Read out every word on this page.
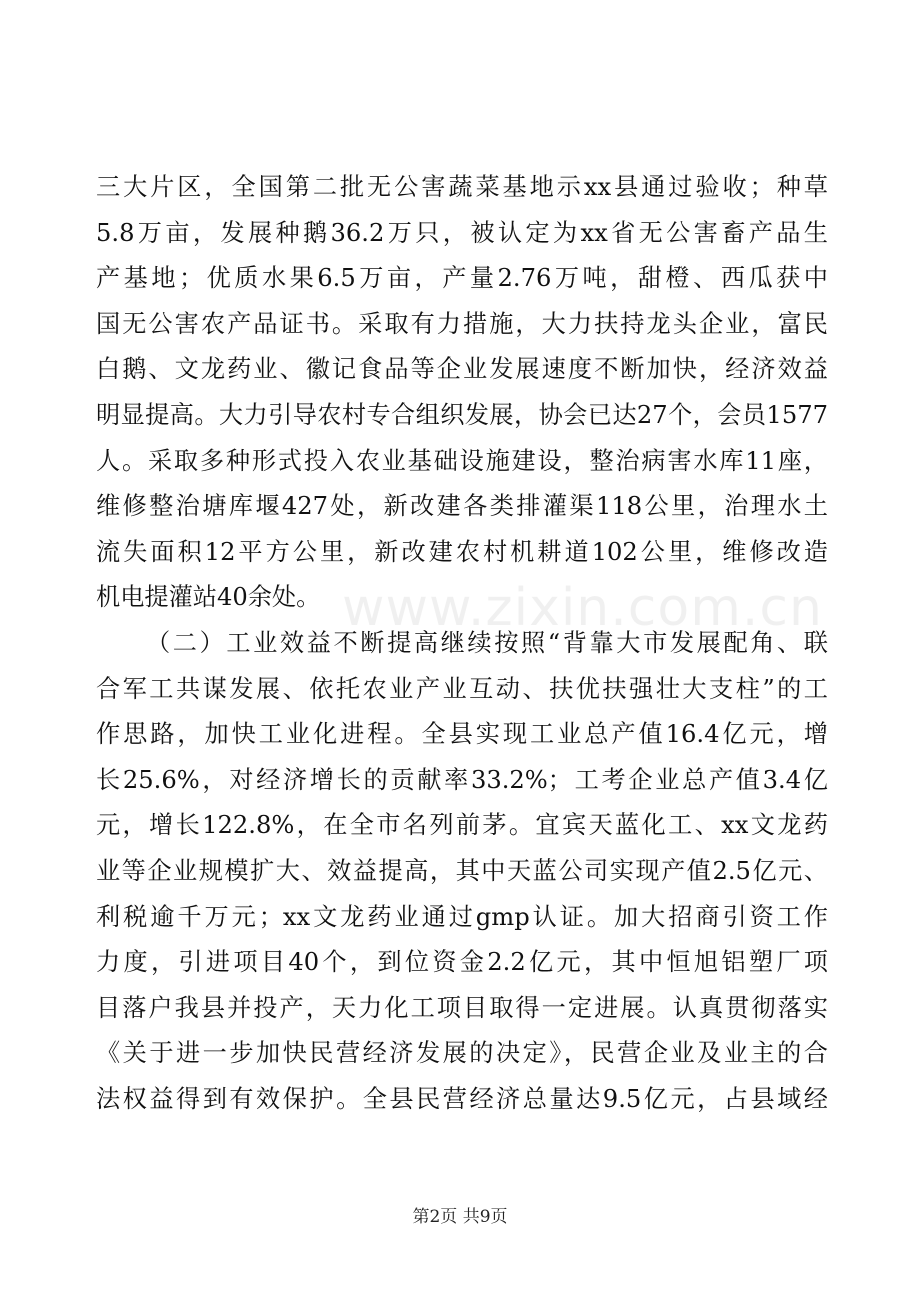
三大片区，全国第二批无公害蔬菜基地示xx县通过验收；种草
5.8万亩，发展种鹅36.2万只，被认定为xx省无公害畜产品生
产基地；优质水果6.5万亩，产量2.76万吨，甜橙、西瓜获中
国无公害农产品证书。采取有力措施，大力扶持龙头企业，富民
白鹅、文龙药业、徽记食品等企业发展速度不断加快，经济效益
明显提高。大力引导农村专合组织发展，协会已达27个，会员1577
人。采取多种形式投入农业基础设施建设，整治病害水库11座，
维修整治塘库堰427处，新改建各类排灌渠118公里，治理水土
流失面积12平方公里，新改建农村机耕道102公里，维修改造
机电提灌站40余处。
（二）工业效益不断提高继续按照“背靠大市发展配角、联
合军工共谋发展、依托农业产业互动、扶优扶强壮大支柱”的工
作思路，加快工业化进程。全县实现工业总产值16.4亿元，增
长25.6%，对经济增长的贡献率33.2%；工考企业总产值3.4亿
元，增长122.8%，在全市名列前茅。宜宾天蓝化工、xx文龙药
业等企业规模扩大、效益提高，其中天蓝公司实现产值2.5亿元、
利税逾千万元；xx文龙药业通过gmp认证。加大招商引资工作
力度，引进项目40个，到位资金2.2亿元，其中恒旭铝塑厂项
目落户我县并投产，天力化工项目取得一定进展。认真贯彻落实
《关于进一步加快民营经济发展的决定》，民营企业及业主的合
法权益得到有效保护。全县民营经济总量达9.5亿元，占县域经
www.zixin.com.cn
第2页 共9页
